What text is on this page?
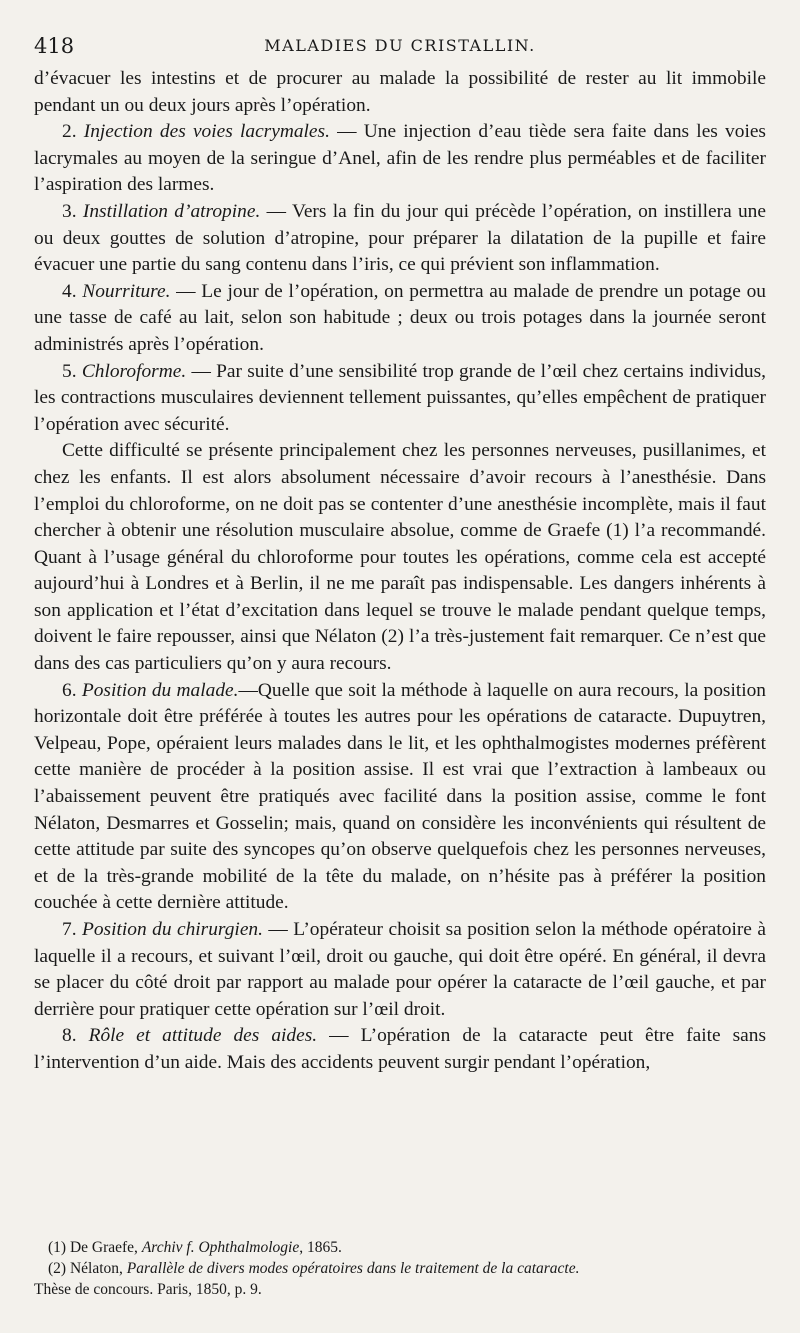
418	MALADIES DU CRISTALLIN.

d’évacuer les intestins et de procurer au malade la possibilité de rester au lit immobile pendant un ou deux jours après l’opération.

2. Injection des voies lacrymales. — Une injection d’eau tiède sera faite dans les voies lacrymales au moyen de la seringue d’Anel, afin de les rendre plus perméables et de faciliter l’aspiration des larmes.

3. Instillation d’atropine. — Vers la fin du jour qui précède l’opération, on instillera une ou deux gouttes de solution d’atropine, pour préparer la dilatation de la pupille et faire évacuer une partie du sang contenu dans l’iris, ce qui prévient son inflammation.

4. Nourriture. — Le jour de l’opération, on permettra au malade de prendre un potage ou une tasse de café au lait, selon son habitude ; deux ou trois potages dans la journée seront administrés après l’opération.

5. Chloroforme. — Par suite d’une sensibilité trop grande de l’œil chez certains individus, les contractions musculaires deviennent tellement puissantes, qu’elles empêchent de pratiquer l’opération avec sécurité.

Cette difficulté se présente principalement chez les personnes nerveuses, pusillanimes, et chez les enfants. Il est alors absolument nécessaire d’avoir recours à l’anesthésie. Dans l’emploi du chloroforme, on ne doit pas se contenter d’une anesthésie incomplète, mais il faut chercher à obtenir une résolution musculaire absolue, comme de Graefe (1) l’a recommandé. Quant à l’usage général du chloroforme pour toutes les opérations, comme cela est accepté aujourd’hui à Londres et à Berlin, il ne me paraît pas indispensable. Les dangers inhérents à son application et l’état d’excitation dans lequel se trouve le malade pendant quelque temps, doivent le faire repousser, ainsi que Nélaton (2) l’a très-justement fait remarquer. Ce n’est que dans des cas particuliers qu’on y aura recours.

6. Position du malade.—Quelle que soit la méthode à laquelle on aura recours, la position horizontale doit être préférée à toutes les autres pour les opérations de cataracte. Dupuytren, Velpeau, Pope, opéraient leurs malades dans le lit, et les ophthalmogistes modernes préfèrent cette manière de procéder à la position assise. Il est vrai que l’extraction à lambeaux ou l’abaissement peuvent être pratiqués avec facilité dans la position assise, comme le font Nélaton, Desmarres et Gosselin; mais, quand on considère les inconvénients qui résultent de cette attitude par suite des syncopes qu’on observe quelquefois chez les personnes nerveuses, et de la très-grande mobilité de la tête du malade, on n’hésite pas à préférer la position couchée à cette dernière attitude.

7. Position du chirurgien. — L’opérateur choisit sa position selon la méthode opératoire à laquelle il a recours, et suivant l’œil, droit ou gauche, qui doit être opéré. En général, il devra se placer du côté droit par rapport au malade pour opérer la cataracte de l’œil gauche, et par derrière pour pratiquer cette opération sur l’œil droit.

8. Rôle et attitude des aides. — L’opération de la cataracte peut être faite sans l’intervention d’un aide. Mais des accidents peuvent surgir pendant l’opération,

(1) De Graefe, Archiv f. Ophthalmologie, 1865.

(2) Nélaton, Parallèle de divers modes opératoires dans le traitement de la cataracte.

Thèse de concours. Paris, 1850, p. 9.
